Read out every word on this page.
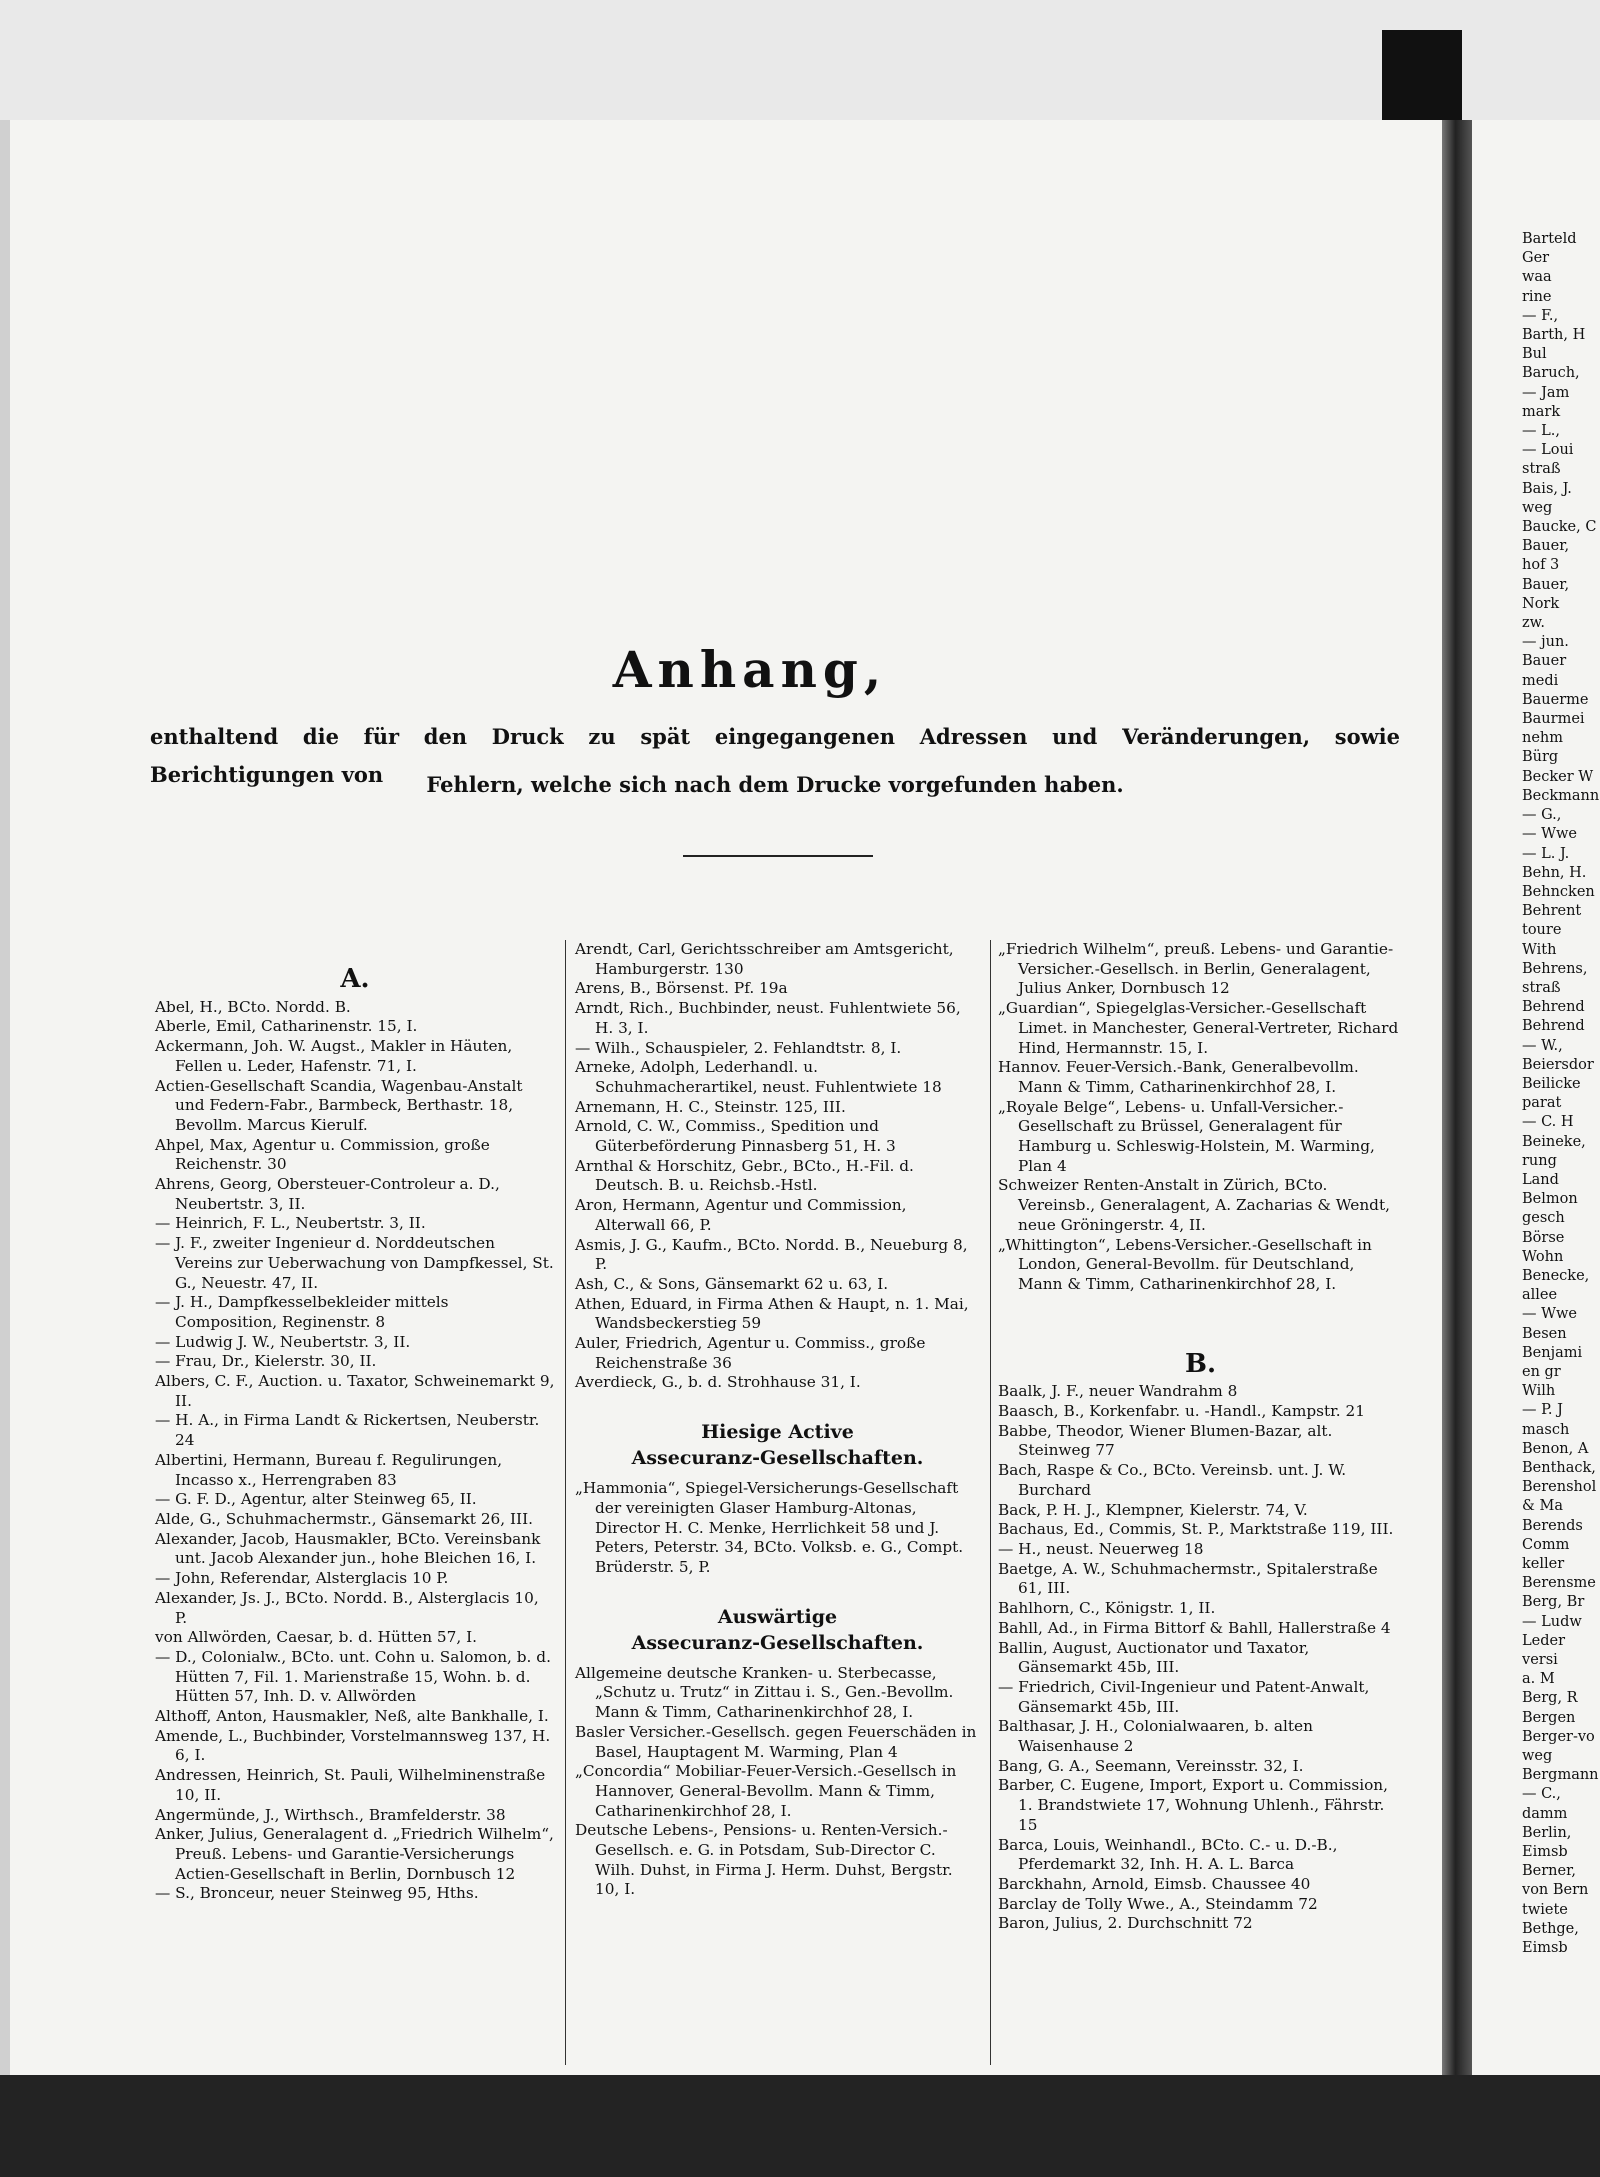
Anhang,
enthaltend die für den Druck zu spät eingegangenen Adressen und Veränderungen, sowie Berichtigungen von	Fehlern, welche sich nach dem Drucke vorgefunden haben.
A.

Abel, H., BCto. Nordd. B.

Aberle, Emil, Catharinenstr. 15, I.

Ackermann, Joh. W. Augst., Makler in Häuten, Fellen u. Leder, Hafenstr. 71, I.

Actien-Gesellschaft Scandia, Wagenbau-Anstalt und Federn-Fabr., Barmbeck, Berthastr. 18, Bevollm. Marcus Kierulf.

Ahpel, Max, Agentur u. Commission, große Reichenstr. 30

Ahrens, Georg, Obersteuer-Controleur a. D., Neubertstr. 3, II.

— Heinrich, F. L., Neubertstr. 3, II.

— J. F., zweiter Ingenieur d. Norddeutschen Vereins zur Ueberwachung von Dampfkessel, St. G., Neuestr. 47, II.

— J. H., Dampfkesselbekleider mittels Composition, Reginenstr. 8

— Ludwig J. W., Neubertstr. 3, II.

— Frau, Dr., Kielerstr. 30, II.

Albers, C. F., Auction. u. Taxator, Schweinemarkt 9, II.

— H. A., in Firma Landt & Rickertsen, Neuberstr. 24

Albertini, Hermann, Bureau f. Regulirungen, Incasso x., Herrengraben 83

— G. F. D., Agentur, alter Steinweg 65, II.

Alde, G., Schuhmachermstr., Gänsemarkt 26, III.

Alexander, Jacob, Hausmakler, BCto. Vereinsbank unt. Jacob Alexander jun., hohe Bleichen 16, I.

— John, Referendar, Alsterglacis 10 P.

Alexander, Js. J., BCto. Nordd. B., Alsterglacis 10, P.

von Allwörden, Caesar, b. d. Hütten 57, I.

— D., Colonialw., BCto. unt. Cohn u. Salomon, b. d. Hütten 7, Fil. 1. Marienstraße 15, Wohn. b. d. Hütten 57, Inh. D. v. Allwörden

Althoff, Anton, Hausmakler, Neß, alte Bankhalle, I.

Amende, L., Buchbinder, Vorstelmannsweg 137, H. 6, I.

Andressen, Heinrich, St. Pauli, Wilhelminenstraße 10, II.

Angermünde, J., Wirthsch., Bramfelderstr. 38

Anker, Julius, Generalagent d. „Friedrich Wilhelm“, Preuß. Lebens- und Garantie-Versicherungs Actien-Gesellschaft in Berlin, Dornbusch 12

— S., Bronceur, neuer Steinweg 95, Hths.

Arendt, Carl, Gerichtsschreiber am Amtsgericht, Hamburgerstr. 130

Arens, B., Börsenst. Pf. 19a

Arndt, Rich., Buchbinder, neust. Fuhlentwiete 56, H. 3, I.

— Wilh., Schauspieler, 2. Fehlandtstr. 8, I.

Arneke, Adolph, Lederhandl. u. Schuhmacherartikel, neust. Fuhlentwiete 18

Arnemann, H. C., Steinstr. 125, III.

Arnold, C. W., Commiss., Spedition und Güterbeförderung Pinnasberg 51, H. 3

Arnthal & Horschitz, Gebr., BCto., H.-Fil. d. Deutsch. B. u. Reichsb.-Hstl.

Aron, Hermann, Agentur und Commission, Alterwall 66, P.

Asmis, J. G., Kaufm., BCto. Nordd. B., Neueburg 8, P.

Ash, C., & Sons, Gänsemarkt 62 u. 63, I.

Athen, Eduard, in Firma Athen & Haupt, n. 1. Mai, Wandsbeckerstieg 59

Auler, Friedrich, Agentur u. Commiss., große Reichenstraße 36

Averdieck, G., b. d. Strohhause 31, I.

Hiesige Active

Assecuranz-Gesellschaften.

„Hammonia“, Spiegel-Versicherungs-Gesellschaft der vereinigten Glaser Hamburg-Altonas, Director H. C. Menke, Herrlichkeit 58 und J. Peters, Peterstr. 34, BCto. Volksb. e. G., Compt. Brüderstr. 5, P.

Auswärtige

Assecuranz-Gesellschaften.

Allgemeine deutsche Kranken- u. Sterbecasse, „Schutz u. Trutz“ in Zittau i. S., Gen.-Bevollm. Mann & Timm, Catharinenkirchhof 28, I.

Basler Versicher.-Gesellsch. gegen Feuerschäden in Basel, Hauptagent M. Warming, Plan 4

„Concordia“ Mobiliar-Feuer-Versich.-Gesellsch in Hannover, General-Bevollm. Mann & Timm, Catharinenkirchhof 28, I.

Deutsche Lebens-, Pensions- u. Renten-Versich.-Gesellsch. e. G. in Potsdam, Sub-Director C. Wilh. Duhst, in Firma J. Herm. Duhst, Bergstr. 10, I.

„Friedrich Wilhelm“, preuß. Lebens- und Garantie-Versicher.-Gesellsch. in Berlin, Generalagent, Julius Anker, Dornbusch 12

„Guardian“, Spiegelglas-Versicher.-Gesellschaft Limet. in Manchester, General-Vertreter, Richard Hind, Hermannstr. 15, I.

Hannov. Feuer-Versich.-Bank, Generalbevollm. Mann & Timm, Catharinenkirchhof 28, I.

„Royale Belge“, Lebens- u. Unfall-Versicher.-Gesellschaft zu Brüssel, Generalagent für Hamburg u. Schleswig-Holstein, M. Warming, Plan 4

Schweizer Renten-Anstalt in Zürich, BCto. Vereinsb., Generalagent, A. Zacharias & Wendt, neue Gröningerstr. 4, II.

„Whittington“, Lebens-Versicher.-Gesellschaft in London, General-Bevollm. für Deutschland, Mann & Timm, Catharinenkirchhof 28, I.

B.

Baalk, J. F., neuer Wandrahm 8

Baasch, B., Korkenfabr. u. -Handl., Kampstr. 21

Babbe, Theodor, Wiener Blumen-Bazar, alt. Steinweg 77

Bach, Raspe & Co., BCto. Vereinsb. unt. J. W. Burchard

Back, P. H. J., Klempner, Kielerstr. 74, V.

Bachaus, Ed., Commis, St. P., Marktstraße 119, III.

— H., neust. Neuerweg 18

Baetge, A. W., Schuhmachermstr., Spitalerstraße 61, III.

Bahlhorn, C., Königstr. 1, II.

Bahll, Ad., in Firma Bittorf & Bahll, Hallerstraße 4

Ballin, August, Auctionator und Taxator, Gänsemarkt 45b, III.

— Friedrich, Civil-Ingenieur und Patent-Anwalt, Gänsemarkt 45b, III.

Balthasar, J. H., Colonialwaaren, b. alten Waisenhause 2

Bang, G. A., Seemann, Vereinsstr. 32, I.

Barber, C. Eugene, Import, Export u. Commission, 1. Brandstwiete 17, Wohnung Uhlenh., Fährstr. 15

Barca, Louis, Weinhandl., BCto. C.- u. D.-B., Pferdemarkt 32, Inh. H. A. L. Barca

Barckhahn, Arnold, Eimsb. Chaussee 40

Barclay de Tolly Wwe., A., Steindamm 72

Baron, Julius, 2. Durchschnitt 72

Barteld
Ger
waa
rine
— F.,
Barth, H
Bul
Baruch,
— Jam
mark
— L.,
— Loui
straß
Bais, J.
weg
Baucke, C
Bauer,
hof 3
Bauer,
Nork
zw.
— jun.
Bauer
medi
Bauerme
Baurmei
nehm
Bürg
Becker W
Beckmann
— G.,
— Wwe
— L. J.
Behn, H.
Behncken
Behrent
toure
With
Behrens,
straß
Behrend
Behrend
— W.,
Beiersdor
Beilicke
parat
— C. H
Beineke,
rung
Land
Belmon
gesch
Börse
Wohn
Benecke,
allee
— Wwe
Besen
Benjami
en gr
Wilh
— P. J
masch
Benon, A
Benthack,
Berenshol
& Ma
Berends
Comm
keller
Berensme
Berg, Br
— Ludw
Leder
versi
a. M
Berg, R
Bergen
Berger-vo
weg
Bergmann
— C.,
damm
Berlin,
Eimsb
Berner,
von Bern
twiete
Bethge,
Eimsb
